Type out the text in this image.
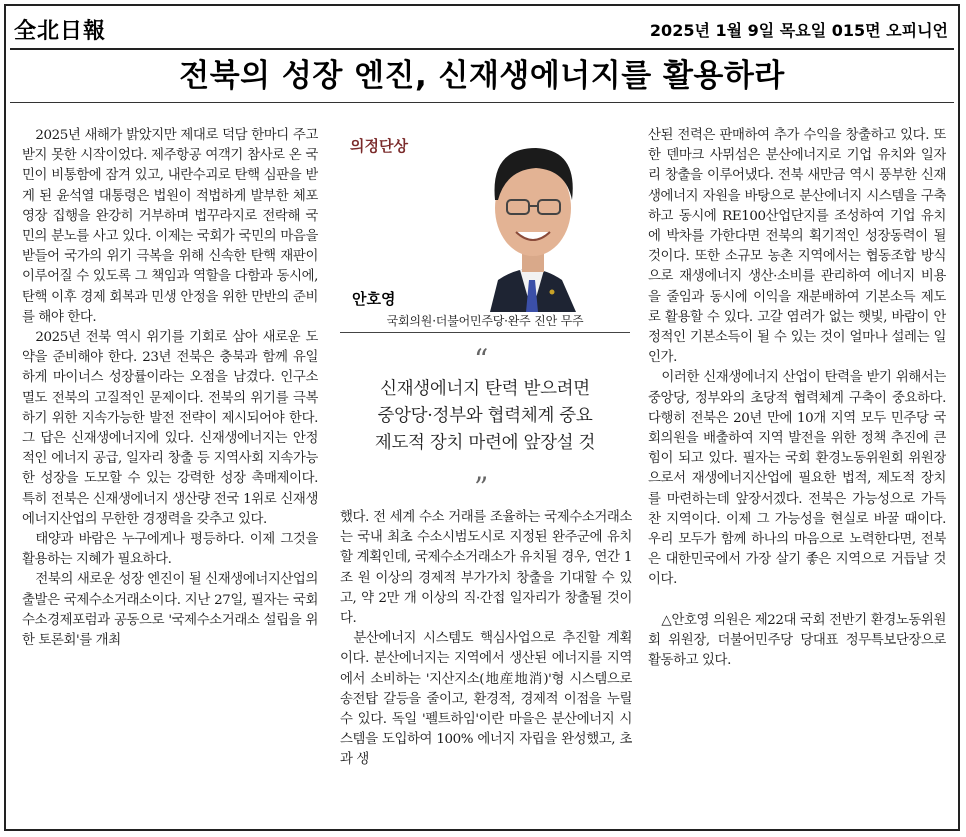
全北日報	2025년 1월 9일 목요일 015면 오피니언
전북의 성장 엔진, 신재생에너지를 활용하라

2025년 새해가 밝았지만 제대로 덕담 한마디 주고받지 못한 시작이었다. 제주항공 여객기 참사로 온 국민이 비통함에 잠겨 있고, 내란수괴로 탄핵 심판을 받게 된 윤석열 대통령은 법원이 적법하게 발부한 체포영장 집행을 완강히 거부하며 법꾸라지로 전락해 국민의 분노를 사고 있다. 이제는 국회가 국민의 마음을 받들어 국가의 위기 극복을 위해 신속한 탄핵 재판이 이루어질 수 있도록 그 책임과 역할을 다함과 동시에, 탄핵 이후 경제 회복과 민생 안정을 위한 만반의 준비를 해야 한다.

2025년 전북 역시 위기를 기회로 삼아 새로운 도약을 준비해야 한다. 23년 전북은 충북과 함께 유일하게 마이너스 성장률이라는 오점을 남겼다. 인구소멸도 전북의 고질적인 문제이다. 전북의 위기를 극복하기 위한 지속가능한 발전 전략이 제시되어야 한다. 그 답은 신재생에너지에 있다. 신재생에너지는 안정적인 에너지 공급, 일자리 창출 등 지역사회 지속가능한 성장을 도모할 수 있는 강력한 성장 촉매제이다. 특히 전북은 신재생에너지 생산량 전국 1위로 신재생에너지산업의 무한한 경쟁력을 갖추고 있다.

태양과 바람은 누구에게나 평등하다. 이제 그것을 활용하는 지혜가 필요하다.

전북의 새로운 성장 엔진이 될 신재생에너지산업의 출발은 국제수소거래소이다. 지난 27일, 필자는 국회 수소경제포럼과 공동으로 '국제수소거래소 설립을 위한 토론회'를 개최

의정단상
안호영
국회의원·더불어민주당·완주 진안 무주
“
신재생에너지 탄력 받으려면
중앙당·정부와 협력체계 중요
제도적 장치 마련에 앞장설 것
”

했다. 전 세계 수소 거래를 조율하는 국제수소거래소는 국내 최초 수소시범도시로 지정된 완주군에 유치할 계획인데, 국제수소거래소가 유치될 경우, 연간 1조 원 이상의 경제적 부가가치 창출을 기대할 수 있고, 약 2만 개 이상의 직·간접 일자리가 창출될 것이다.

분산에너지 시스템도 핵심사업으로 추진할 계획이다. 분산에너지는 지역에서 생산된 에너지를 지역에서 소비하는 '지산지소(地産地消)'형 시스템으로 송전탑 갈등을 줄이고, 환경적, 경제적 이점을 누릴 수 있다. 독일 '펠트하임'이란 마을은 분산에너지 시스템을 도입하여 100% 에너지 자립을 완성했고, 초과 생

산된 전력은 판매하여 추가 수익을 창출하고 있다. 또한 덴마크 사뮈섬은 분산에너지로 기업 유치와 일자리 창출을 이루어냈다. 전북 새만금 역시 풍부한 신재생에너지 자원을 바탕으로 분산에너지 시스템을 구축하고 동시에 RE100산업단지를 조성하여 기업 유치에 박차를 가한다면 전북의 획기적인 성장동력이 될 것이다. 또한 소규모 농촌 지역에서는 협동조합 방식으로 재생에너지 생산·소비를 관리하여 에너지 비용을 줄임과 동시에 이익을 재분배하여 기본소득 제도로 활용할 수 있다. 고갈 염려가 없는 햇빛, 바람이 안정적인 기본소득이 될 수 있는 것이 얼마나 설레는 일인가.

이러한 신재생에너지 산업이 탄력을 받기 위해서는 중앙당, 정부와의 초당적 협력체계 구축이 중요하다. 다행히 전북은 20년 만에 10개 지역 모두 민주당 국회의원을 배출하여 지역 발전을 위한 정책 추진에 큰 힘이 되고 있다. 필자는 국회 환경노동위원회 위원장으로서 재생에너지산업에 필요한 법적, 제도적 장치를 마련하는데 앞장서겠다. 전북은 가능성으로 가득 찬 지역이다. 이제 그 가능성을 현실로 바꿀 때이다. 우리 모두가 함께 하나의 마음으로 노력한다면, 전북은 대한민국에서 가장 살기 좋은 지역으로 거듭날 것이다.

△안호영 의원은 제22대 국회 전반기 환경노동위원회 위원장, 더불어민주당 당대표 정무특보단장으로 활동하고 있다.
